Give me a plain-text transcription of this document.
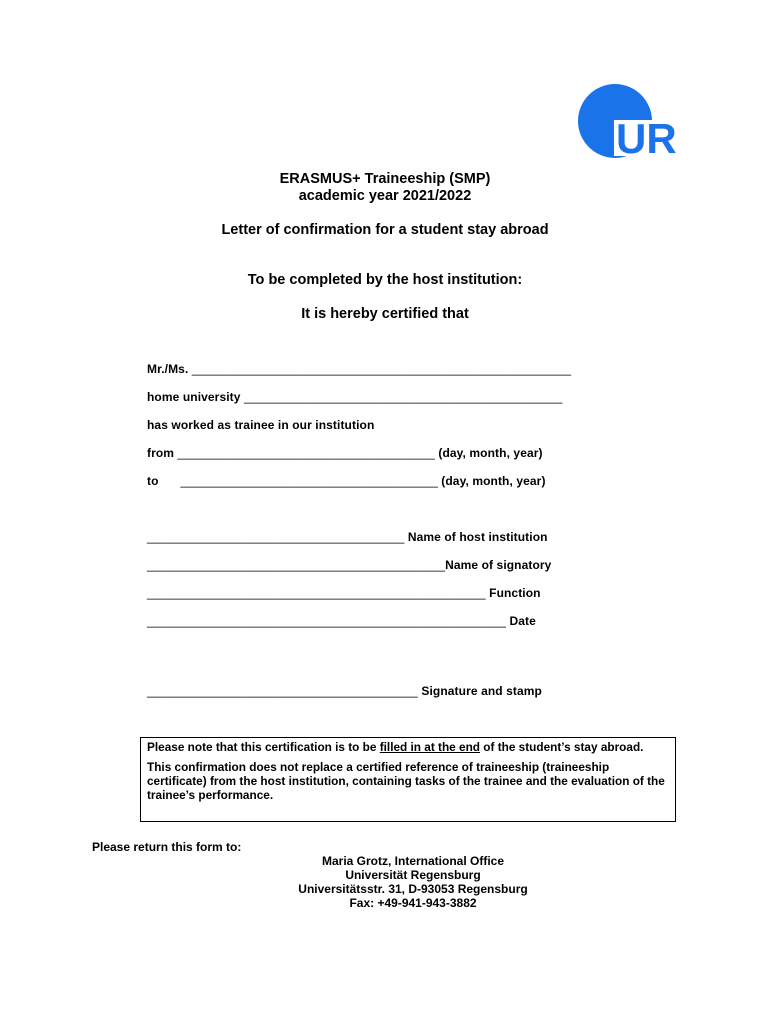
UR
ERASMUS+ Traineeship (SMP)
academic year 2021/2022
Letter of confirmation for a student stay abroad
To be completed by the host institution:
It is hereby certified that
Mr./Ms. ________________________________________________________
home university _______________________________________________
has worked as trainee in our institution
from ______________________________________ (day, month, year)
to ______________________________________ (day, month, year)
______________________________________ Name of host institution
____________________________________________Name of signatory
__________________________________________________ Function
_____________________________________________________ Date
________________________________________ Signature and stamp

Please note that this certification is to be filled in at the end of the student’s stay abroad.

This confirmation does not replace a certified reference of traineeship (traineeship certificate) from the host institution, containing tasks of the trainee and the evaluation of the trainee’s performance.

Please return this form to:
Maria Grotz, International Office
Universität Regensburg
Universitätsstr. 31, D-93053 Regensburg
Fax: +49-941-943-3882
